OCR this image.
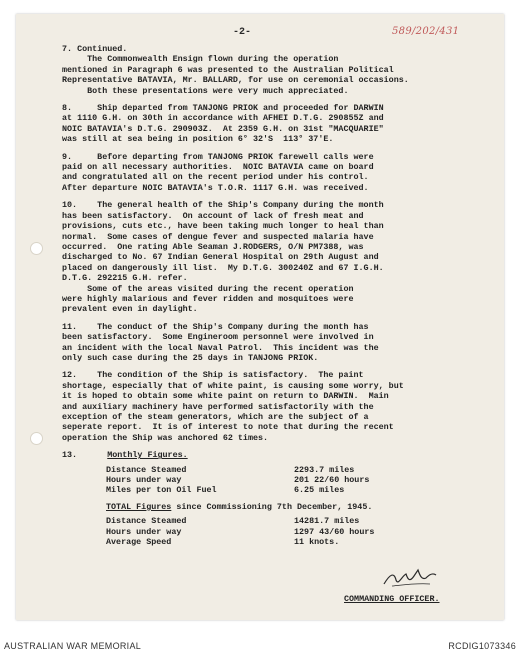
-2-	589/202/431
7. Continued.
The Commonwealth Ensign flown during the operation
mentioned in Paragraph 6 was presented to the Australian Political
Representative BATAVIA, Mr. BALLARD, for use on ceremonial occasions.
Both these presentations were very much appreciated.
8.     Ship departed from TANJONG PRIOK and proceeded for DARWIN
at 1110 G.H. on 30th in accordance with AFHEI D.T.G. 290855Z and
NOIC BATAVIA's D.T.G. 290903Z.  At 2359 G.H. on 31st "MACQUARIE"
was still at sea being in position 6° 32'S  113° 37'E.
9.     Before departing from TANJONG PRIOK farewell calls were
paid on all necessary authorities.  NOIC BATAVIA came on board
and congratulated all on the recent period under his control.
After departure NOIC BATAVIA's T.O.R. 1117 G.H. was received.
10.    The general health of the Ship's Company during the month
has been satisfactory.  On account of lack of fresh meat and
provisions, cuts etc., have been taking much longer to heal than
normal.  Some cases of dengue fever and suspected malaria have
occurred.  One rating Able Seaman J.RODGERS, O/N PM7388, was
discharged to No. 67 Indian General Hospital on 29th August and
placed on dangerously ill list.  My D.T.G. 300240Z and 67 I.G.H.
D.T.G. 292215 G.H. refer.
Some of the areas visited during the recent operation
were highly malarious and fever ridden and mosquitoes were
prevalent even in daylight.
11.    The conduct of the Ship's Company during the month has
been satisfactory.  Some Engineroom personnel were involved in
an incident with the local Naval Patrol.  This incident was the
only such case during the 25 days in TANJONG PRIOK.
12.    The condition of the Ship is satisfactory.  The paint
shortage, especially that of white paint, is causing some worry, but
it is hoped to obtain some white paint on return to DARWIN.  Main
and auxiliary machinery have performed satisfactorily with the
exception of the steam generators, which are the subject of a
seperate report.  It is of interest to note that during the recent
operation the Ship was anchored 62 times.
13.	Monthly Figures.
Distance Steamed	2293.7 miles
Hours under way	201 22/60 hours
Miles per ton Oil Fuel	6.25 miles
TOTAL Figures since Commissioning 7th December, 1945.
Distance Steamed	14281.7 miles
Hours under way	1297 43/60 hours
Average Speed	11 knots.
COMMANDING OFFICER.
AUSTRALIAN WAR MEMORIAL	RCDIG1073346
